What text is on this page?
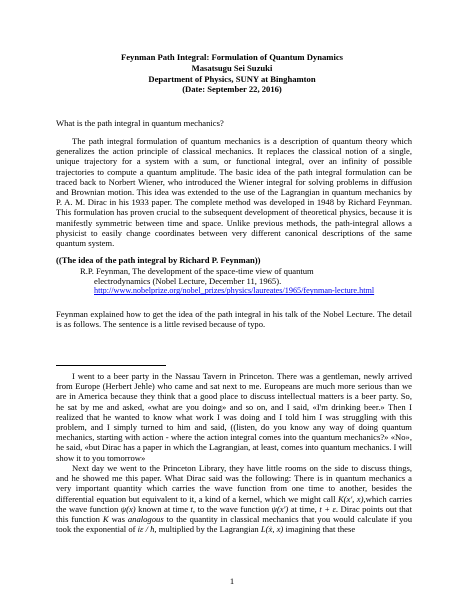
Feynman Path Integral: Formulation of Quantum Dynamics
Masatsugu Sei Suzuki
Department of Physics, SUNY at Binghamton
(Date: September 22, 2016)

What is the path integral in quantum mechanics?

The path integral formulation of quantum mechanics is a description of quantum theory which generalizes the action principle of classical mechanics. It replaces the classical notion of a single, unique trajectory for a system with a sum, or functional integral, over an infinity of possible trajectories to compute a quantum amplitude. The basic idea of the path integral formulation can be traced back to Norbert Wiener, who introduced the Wiener integral for solving problems in diffusion and Brownian motion. This idea was extended to the use of the Lagrangian in quantum mechanics by P. A. M. Dirac in his 1933 paper. The complete method was developed in 1948 by Richard Feynman. This formulation has proven crucial to the subsequent development of theoretical physics, because it is manifestly symmetric between time and space. Unlike previous methods, the path-integral allows a physicist to easily change coordinates between very different canonical descriptions of the same quantum system.

((The idea of the path integral by Richard P. Feynman))

R.P. Feynman, The development of the space-time view of quantum
electrodynamics (Nobel Lecture, December 11, 1965).
http://www.nobelprize.org/nobel_prizes/physics/laureates/1965/feynman-lecture.html

Feynman explained how to get the idea of the path integral in his talk of the Nobel Lecture. The detail is as follows. The sentence is a little revised because of typo.

I went to a beer party in the Nassau Tavern in Princeton. There was a gentleman, newly arrived from Europe (Herbert Jehle) who came and sat next to me. Europeans are much more serious than we are in America because they think that a good place to discuss intellectual matters is a beer party. So, he sat by me and asked, «what are you doing» and so on, and I said, «I'm drinking beer.» Then I realized that he wanted to know what work I was doing and I told him I was struggling with this problem, and I simply turned to him and said, ((listen, do you know any way of doing quantum mechanics, starting with action - where the action integral comes into the quantum mechanics?» «No», he said, «but Dirac has a paper in which the Lagrangian, at least, comes into quantum mechanics. I will show it to you tomorrow»

Next day we went to the Princeton Library, they have little rooms on the side to discuss things, and he showed me this paper. What Dirac said was the following: There is in quantum mechanics a very important quantity which carries the wave function from one time to another, besides the differential equation but equivalent to it, a kind of a kernel, which we might call K(x', x),which carries the wave function ψ(x) known at time t, to the wave function ψ(x') at time, t + ε. Dirac points out that this function K was analogous to the quantity in classical mechanics that you would calculate if you took the exponential of iε / ħ, multiplied by the Lagrangian L(ẋ, x) imagining that these

1
